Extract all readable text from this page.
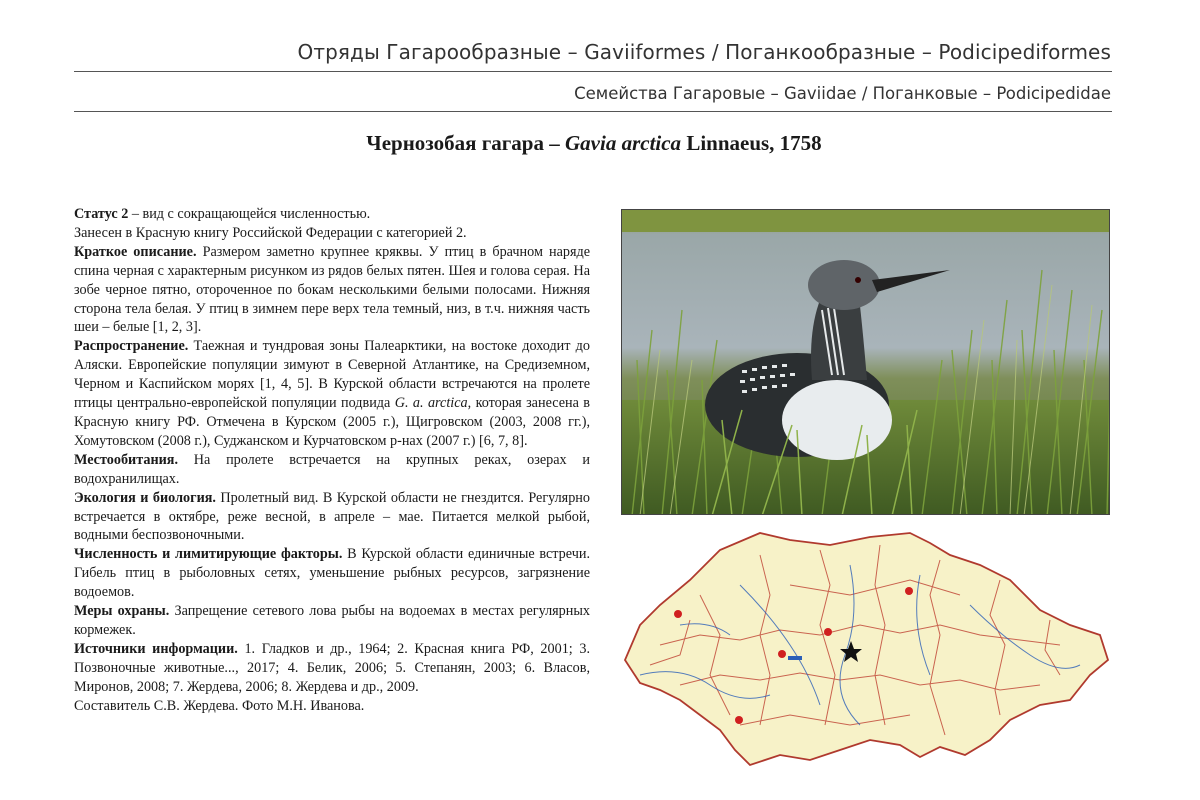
Отряды Гагарообразные – Gaviiformes / Поганкообразные – Podicipediformes
Семейства Гагаровые – Gaviidae / Поганковые – Podicipedidae
Чернозобая гагара – Gavia arctica Linnaeus, 1758

Статус 2 – вид с сокращающейся численностью.

Занесен в Красную книгу Российской Федерации с категорией 2.

Краткое описание. Размером заметно крупнее кряквы. У птиц в брачном наряде спина черная с характерным рисунком из рядов белых пятен. Шея и голова серая. На зобе черное пятно, отороченное по бокам несколькими белыми полосами. Нижняя сторона тела белая. У птиц в зимнем пере верх тела темный, низ, в т.ч. нижняя часть шеи – белые [1, 2, 3].

Распространение. Таежная и тундровая зоны Палеарктики, на востоке доходит до Аляски. Европейские популяции зимуют в Северной Атлантике, на Средиземном, Черном и Каспийском морях [1, 4, 5]. В Курской области встречаются на пролете птицы центрально-европейской популяции подвида G. a. arctica, которая занесена в Красную книгу РФ. Отмечена в Курском (2005 г.), Щигровском (2003, 2008 гг.), Хомутовском (2008 г.), Суджанском и Курчатовском р-нах (2007 г.) [6, 7, 8].

Местообитания. На пролете встречается на крупных реках, озерах и водохранилищах.

Экология и биология. Пролетный вид. В Курской области не гнездится. Регулярно встречается в октябре, реже весной, в апреле – мае. Питается мелкой рыбой, водными беспозвоночными.

Численность и лимитирующие факторы. В Курской области единичные встречи. Гибель птиц в рыболовных сетях, уменьшение рыбных ресурсов, загрязнение водоемов.

Меры охраны. Запрещение сетевого лова рыбы на водоемах в местах регулярных кормежек.

Источники информации. 1. Гладков и др., 1964; 2. Красная книга РФ, 2001; 3. Позвоночные животные..., 2017; 4. Белик, 2006; 5. Степанян, 2003; 6. Власов, Миронов, 2008; 7. Жердева, 2006; 8. Жердева и др., 2009.

Составитель С.В. Жердева. Фото М.Н. Иванова.
